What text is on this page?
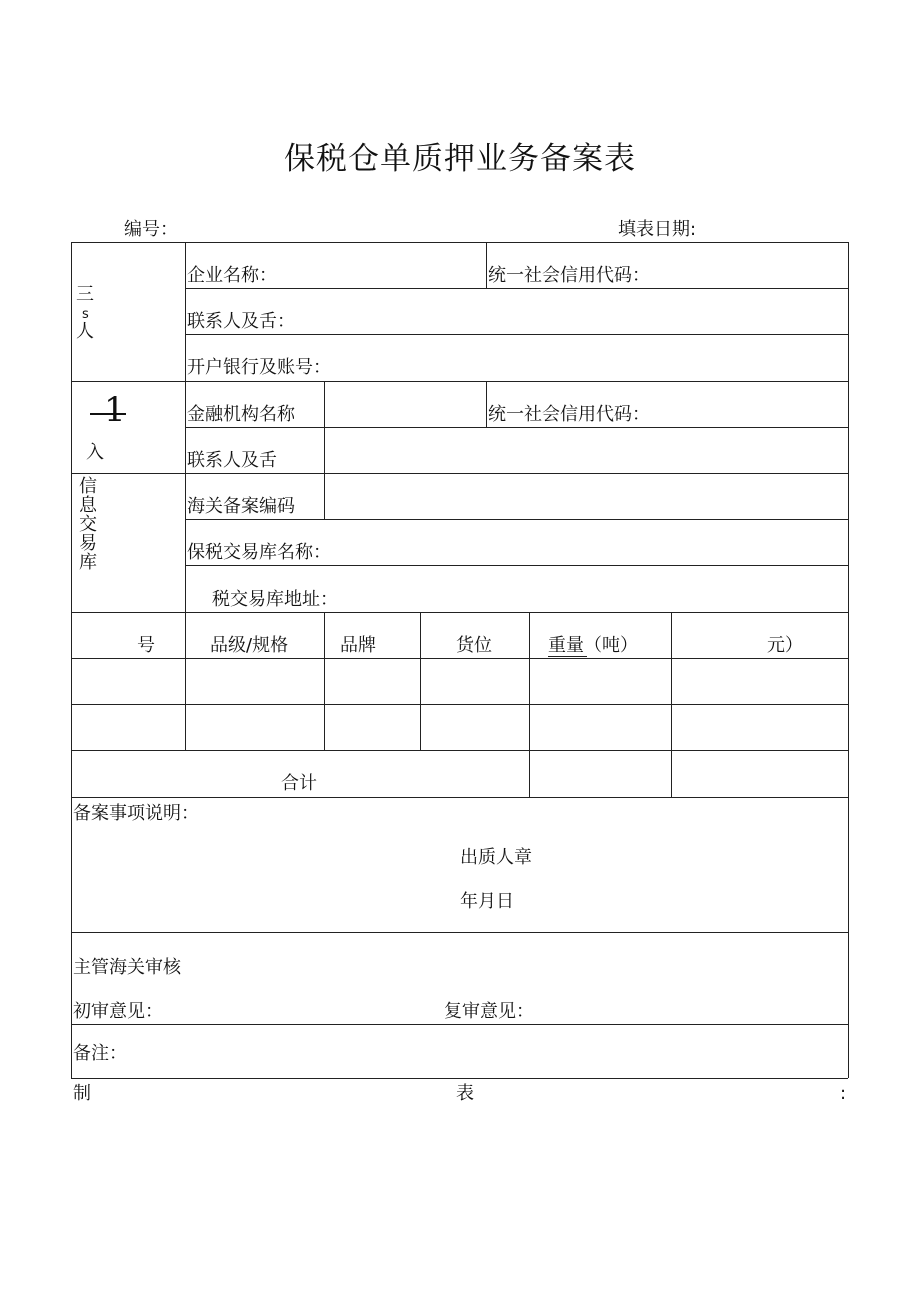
保税仓单质押业务备案表
编号：	填表日期:
三
s
人
企业名称：	统一社会信用代码：
联系人及舌：
开户银行及账号：
1
入
金融机构名称	统一社会信用代码：
联系人及舌
信息交易库
海关备案编码
保税交易库名称：
税交易库地址：
号	品级/规格	品牌	货位	重量（吨）	元）
合计
备案事项说明：
出质人章
年月日
主管海关审核
初审意见：	复审意见：
备注：
制	表	:
